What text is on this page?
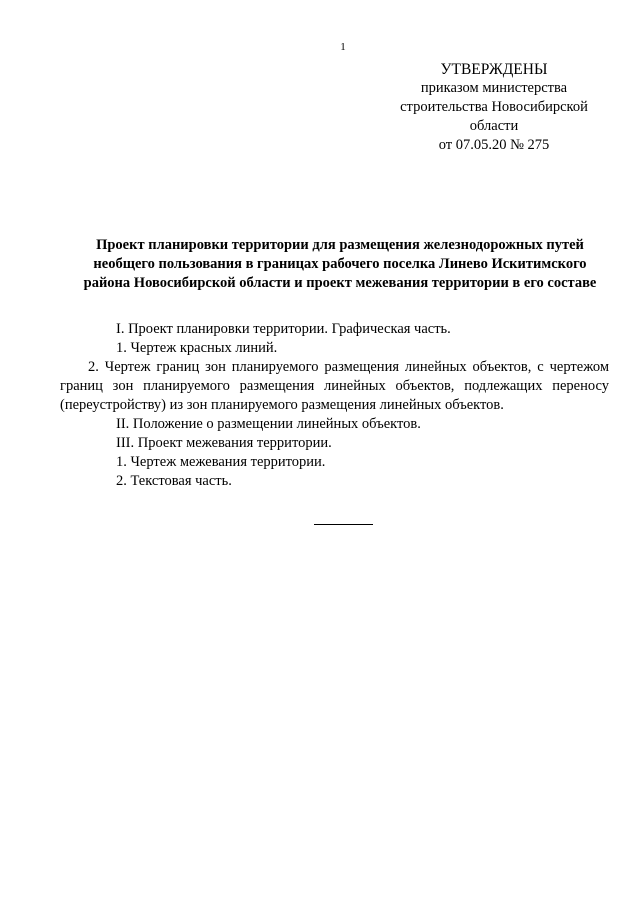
1
УТВЕРЖДЕНЫ
приказом министерства
строительства Новосибирской
области
от 07.05.20 № 275
Проект планировки территории для размещения железнодорожных путей необщего пользования в границах рабочего поселка Линево Искитимского района Новосибирской области и проект межевания территории в его составе

I. Проект планировки территории. Графическая часть.

1. Чертеж красных линий.

2. Чертеж границ зон планируемого размещения линейных объектов, с чертежом границ зон планируемого размещения линейных объектов, подлежащих переносу (переустройству) из зон планируемого размещения линейных объектов.

II. Положение о размещении линейных объектов.

III. Проект межевания территории.

1. Чертеж межевания территории.

2. Текстовая часть.
